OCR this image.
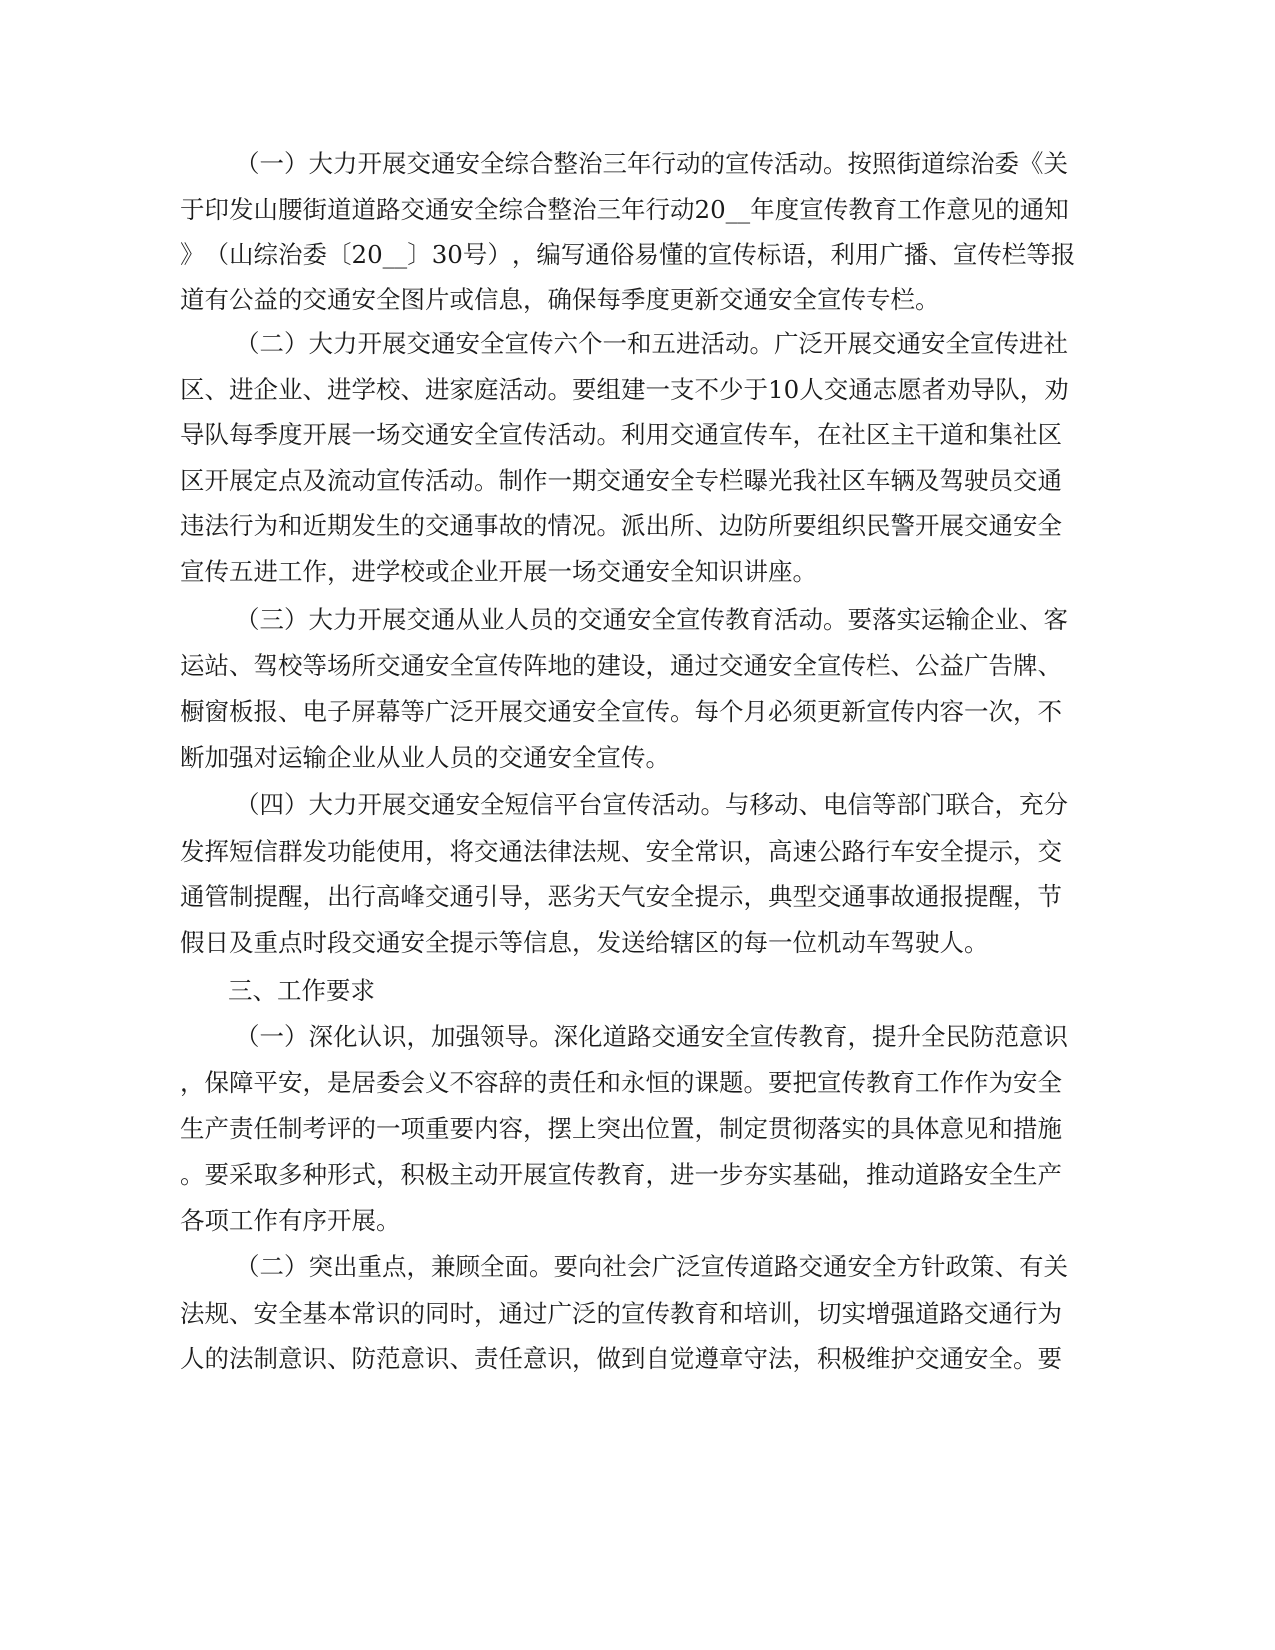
（ 一 ） 大 力 开 展 交 通 安 全 综 合 整 治 三 年 行 动 的 宣 传 活 动 。 按 照 街 道 综 治 委 《 关
于 印 发 山 腰 街 道 道 路 交 通 安 全 综 合 整 治 三 年 行 动 20__ 年 度 宣 传 教 育 工 作 意 见 的 通 知
》 （ 山 综 治 委 〔 20__ 〕 30 号 ） ， 编 写 通 俗 易 懂 的 宣 传 标 语 ， 利 用 广 播 、 宣 传 栏 等 报
道有公益的交通安全图片或信息，确保每季度更新交通安全宣传专栏。
（ 二 ） 大 力 开 展 交 通 安 全 宣 传 六 个 一 和 五 进 活 动 。 广 泛 开 展 交 通 安 全 宣 传 进 社
区 、 进 企 业 、 进 学 校 、 进 家 庭 活 动 。 要 组 建 一 支 不 少 于 10 人 交 通 志 愿 者 劝 导 队 ， 劝
导 队 每 季 度 开 展 一 场 交 通 安 全 宣 传 活 动 。 利 用 交 通 宣 传 车 ， 在 社 区 主 干 道 和 集 社 区
区 开 展 定 点 及 流 动 宣 传 活 动 。 制 作 一 期 交 通 安 全 专 栏 曝 光 我 社 区 车 辆 及 驾 驶 员 交 通
违 法 行 为 和 近 期 发 生 的 交 通 事 故 的 情 况 。 派 出 所 、 边 防 所 要 组 织 民 警 开 展 交 通 安 全
宣传五进工作，进学校或企业开展一场交通安全知识讲座。
（ 三 ） 大 力 开 展 交 通 从 业 人 员 的 交 通 安 全 宣 传 教 育 活 动 。 要 落 实 运 输 企 业 、 客
运 站 、 驾 校 等 场 所 交 通 安 全 宣 传 阵 地 的 建 设 ， 通 过 交 通 安 全 宣 传 栏 、 公 益 广 告 牌 、
橱 窗 板 报 、 电 子 屏 幕 等 广 泛 开 展 交 通 安 全 宣 传 。 每 个 月 必 须 更 新 宣 传 内 容 一 次 ， 不
断加强对运输企业从业人员的交通安全宣传。
（ 四 ） 大 力 开 展 交 通 安 全 短 信 平 台 宣 传 活 动 。 与 移 动 、 电 信 等 部 门 联 合 ， 充 分
发 挥 短 信 群 发 功 能 使 用 ， 将 交 通 法 律 法 规 、 安 全 常 识 ， 高 速 公 路 行 车 安 全 提 示 ， 交
通 管 制 提 醒 ， 出 行 高 峰 交 通 引 导 ， 恶 劣 天 气 安 全 提 示 ， 典 型 交 通 事 故 通 报 提 醒 ， 节
假日及重点时段交通安全提示等信息，发送给辖区的每一位机动车驾驶人。
三、工作要求
（ 一 ） 深 化 认 识 ， 加 强 领 导 。 深 化 道 路 交 通 安 全 宣 传 教 育 ， 提 升 全 民 防 范 意 识
， 保 障 平 安 ， 是 居 委 会 义 不 容 辞 的 责 任 和 永 恒 的 课 题 。 要 把 宣 传 教 育 工 作 作 为 安 全
生 产 责 任 制 考 评 的 一 项 重 要 内 容 ， 摆 上 突 出 位 置 ， 制 定 贯 彻 落 实 的 具 体 意 见 和 措 施
。 要 采 取 多 种 形 式 ， 积 极 主 动 开 展 宣 传 教 育 ， 进 一 步 夯 实 基 础 ， 推 动 道 路 安 全 生 产
各项工作有序开展。
（ 二 ） 突 出 重 点 ， 兼 顾 全 面 。 要 向 社 会 广 泛 宣 传 道 路 交 通 安 全 方 针 政 策 、 有 关
法 规 、 安 全 基 本 常 识 的 同 时 ， 通 过 广 泛 的 宣 传 教 育 和 培 训 ， 切 实 增 强 道 路 交 通 行 为
人 的 法 制 意 识 、 防 范 意 识 、 责 任 意 识 ， 做 到 自 觉 遵 章 守 法 ， 积 极 维 护 交 通 安 全 。 要
